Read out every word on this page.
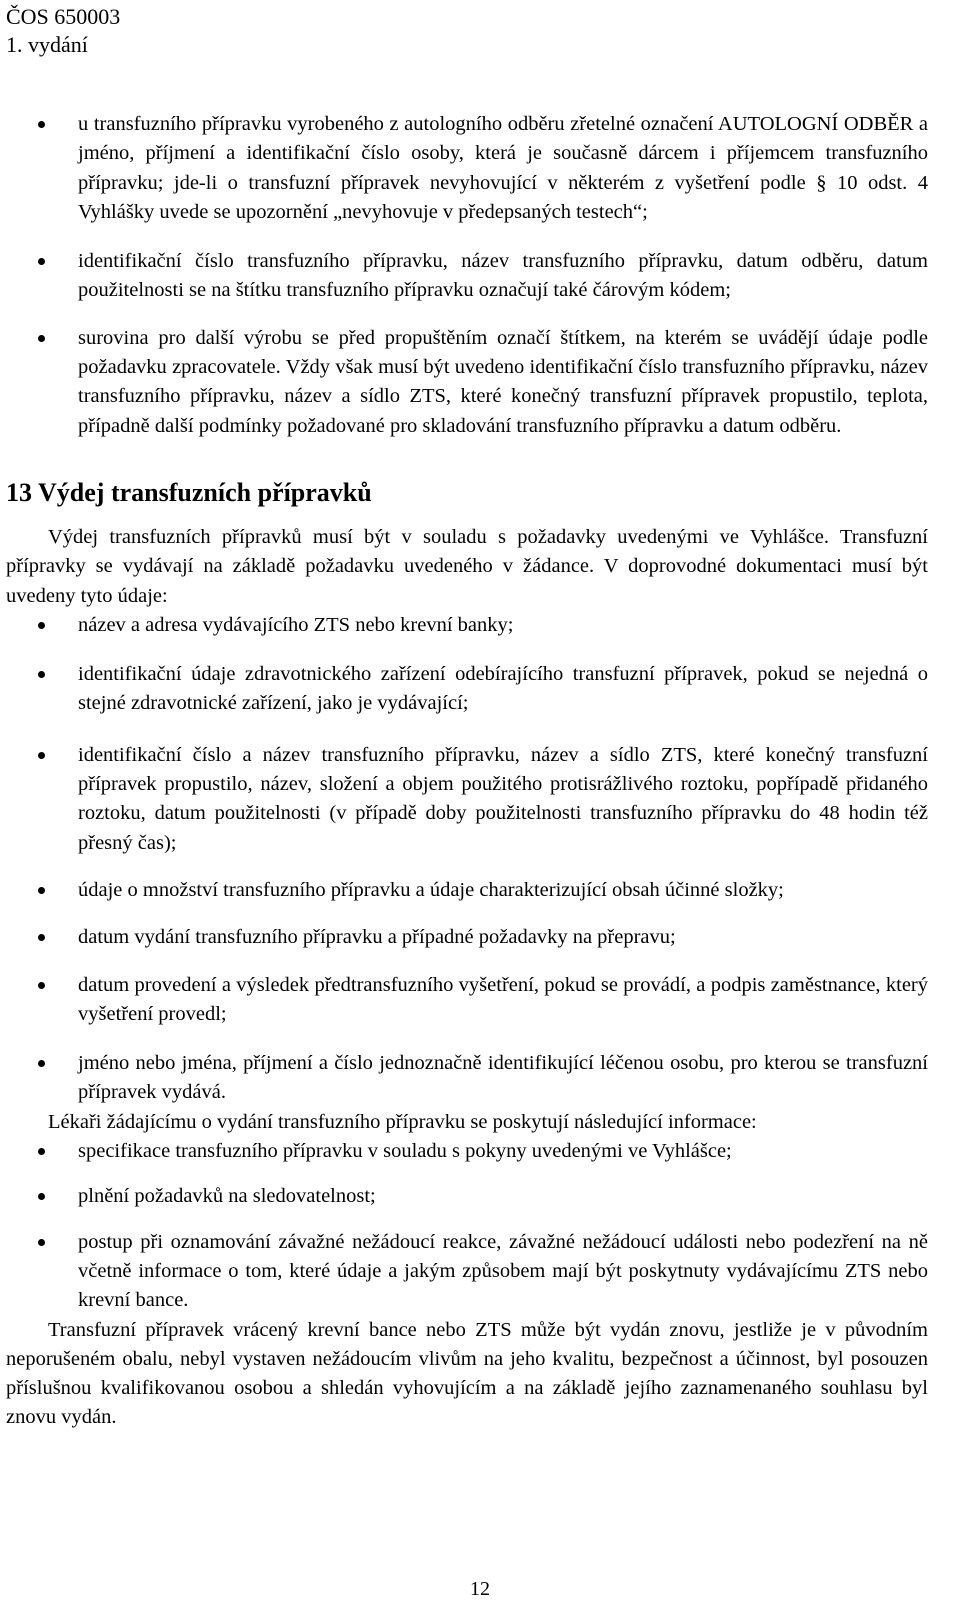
ČOS 650003
1. vydání
u transfuzního přípravku vyrobeného z autologního odběru zřetelné označení AUTOLOGNÍ ODBĚR a jméno, příjmení a identifikační číslo osoby, která je současně dárcem i příjemcem transfuzního přípravku; jde-li o transfuzní přípravek nevyhovující v některém z vyšetření podle § 10 odst. 4 Vyhlášky uvede se upozornění „nevyhovuje v předepsaných testech“;
identifikační číslo transfuzního přípravku, název transfuzního přípravku, datum odběru, datum použitelnosti se na štítku transfuzního přípravku označují také čárovým kódem;
surovina pro další výrobu se před propuštěním označí štítkem, na kterém se uvádějí údaje podle požadavku zpracovatele. Vždy však musí být uvedeno identifikační číslo transfuzního přípravku, název transfuzního přípravku, název a sídlo ZTS, které konečný transfuzní přípravek propustilo, teplota, případně další podmínky požadované pro skladování transfuzního přípravku a datum odběru.
13 Výdej transfuzních přípravků

Výdej transfuzních přípravků musí být v souladu s požadavky uvedenými ve Vyhlášce. Transfuzní přípravky se vydávají na základě požadavku uvedeného v žádance. V doprovodné dokumentaci musí být uvedeny tyto údaje:

název a adresa vydávajícího ZTS nebo krevní banky;
identifikační údaje zdravotnického zařízení odebírajícího transfuzní přípravek, pokud se nejedná o stejné zdravotnické zařízení, jako je vydávající;
identifikační číslo a název transfuzního přípravku, název a sídlo ZTS, které konečný transfuzní přípravek propustilo, název, složení a objem použitého protisrážlivého roztoku, popřípadě přidaného roztoku, datum použitelnosti (v případě doby použitelnosti transfuzního přípravku do 48 hodin též přesný čas);
údaje o množství transfuzního přípravku a údaje charakterizující obsah účinné složky;
datum vydání transfuzního přípravku a případné požadavky na přepravu;
datum provedení a výsledek předtransfuzního vyšetření, pokud se provádí, a podpis zaměstnance, který vyšetření provedl;
jméno nebo jména, příjmení a číslo jednoznačně identifikující léčenou osobu, pro kterou se transfuzní přípravek vydává.

Lékaři žádajícímu o vydání transfuzního přípravku se poskytují následující informace:

specifikace transfuzního přípravku v souladu s pokyny uvedenými ve Vyhlášce;
plnění požadavků na sledovatelnost;
postup při oznamování závažné nežádoucí reakce, závažné nežádoucí události nebo podezření na ně včetně informace o tom, které údaje a jakým způsobem mají být poskytnuty vydávajícímu ZTS nebo krevní bance.

Transfuzní přípravek vrácený krevní bance nebo ZTS může být vydán znovu, jestliže je v původním neporušeném obalu, nebyl vystaven nežádoucím vlivům na jeho kvalitu, bezpečnost a účinnost, byl posouzen příslušnou kvalifikovanou osobou a shledán vyhovujícím a na základě jejího zaznamenaného souhlasu byl znovu vydán.

12
